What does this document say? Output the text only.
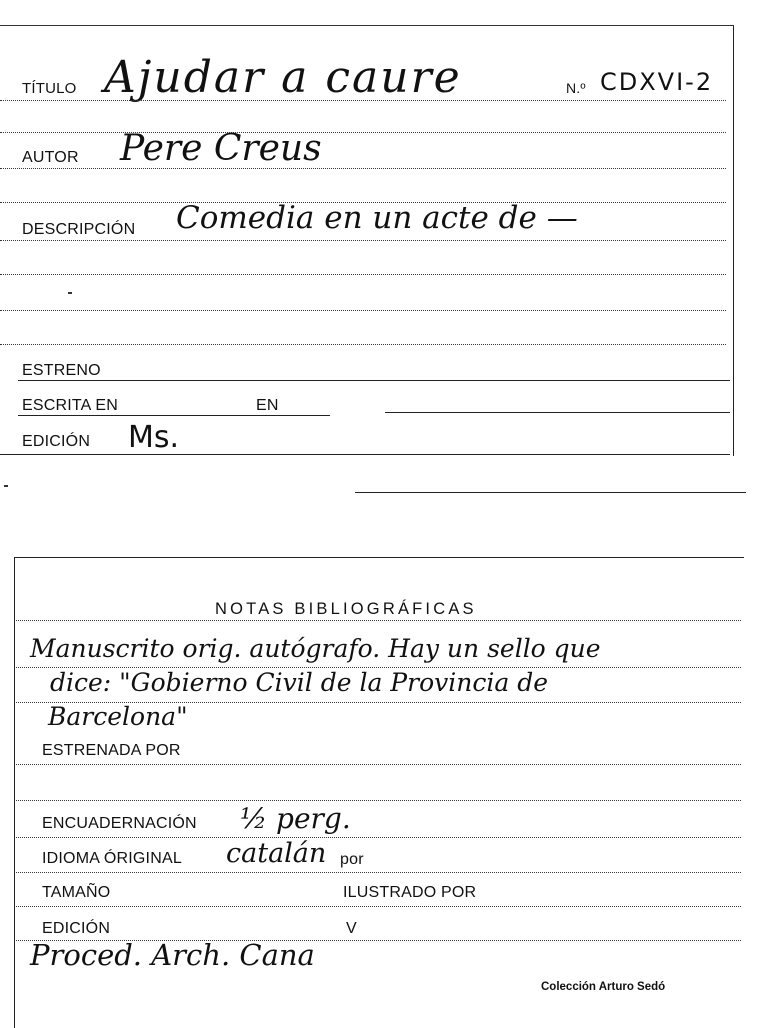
TÍTULO Ajudar a caure	N.º CDXVI-2
AUTOR Pere Creus
DESCRIPCIÓN Comedia en un acte de —
ESTRENO
ESCRITA EN	EN
EDICIÓN Ms.
NOTAS BIBLIOGRÁFICAS
Manuscrito orig. autógrafo. Hay un sello que
dice: "Gobierno Civil de la Provincia de
Barcelona"
ESTRENADA POR
ENCUADERNACIÓN ½ perg.
IDIOMA ÓRIGINAL catalán por
TAMAÑO	ILUSTRADO POR
EDICIÓN	V
Proced. Arch. Cana
Colección Arturo Sedó
